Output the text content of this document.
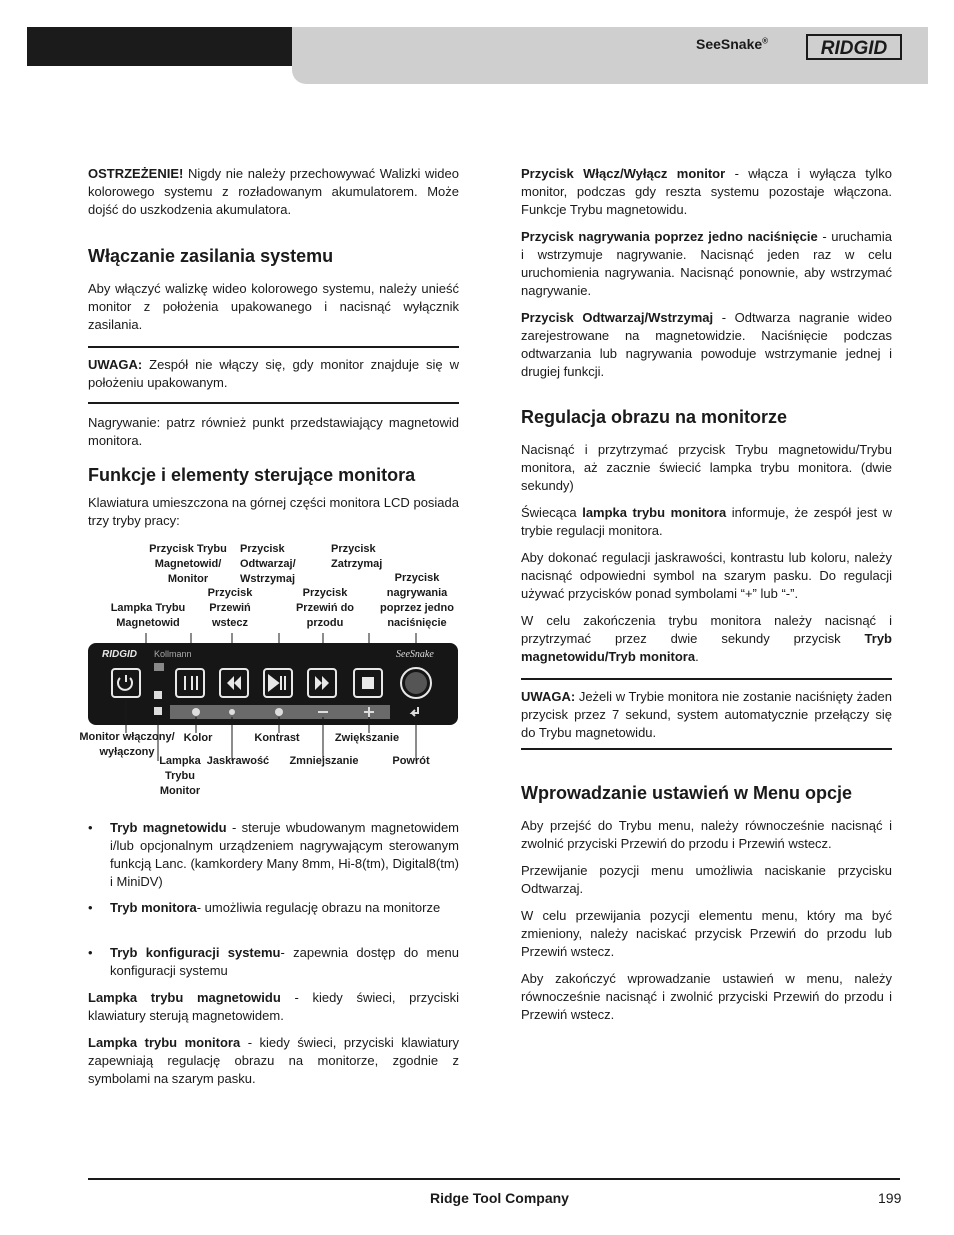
SeeSnake®	RIDGID
OSTRZEŻENIE! Nigdy nie należy przechowywać Walizki wideo kolorowego systemu z rozładowanym akumulatorem. Może dojść do uszkodzenia akumulatora.
Włączanie zasilania systemu
Aby włączyć walizkę wideo kolorowego systemu, należy unieść monitor z położenia upakowanego i nacisnąć wyłącznik zasilania.
UWAGA: Zespół nie włączy się, gdy monitor znajduje się w położeniu upakowanym.
Nagrywanie: patrz również punkt przedstawiający magnetowid monitora.
Funkcje i elementy sterujące monitora
Klawiatura umieszczona na górnej części monitora LCD posiada trzy tryby pracy:
Przycisk Trybu
Magnetowid/
Monitor
Przycisk
Odtwarzaj/
Wstrzymaj
Przycisk
Zatrzymaj
Przycisk
nagrywania
poprzez jedno
naciśnięcie
Przycisk
Przewiń
wstecz
Przycisk
Przewiń do
przodu
Lampka Trybu
Magnetowid
RIDGID Kollmann	SeeSnake
Monitor włączony/
wyłączony
Kolor	Kontrast	Zwiększanie
Lampka
Trybu
Monitor
Jaskrawość	Zmniejszanie	Powrót
• Tryb magnetowidu - steruje wbudowanym magnetowidem i/lub opcjonalnym urządzeniem nagrywającym sterowanym funkcją Lanc. (kamkordery Many 8mm, Hi-8(tm), Digital8(tm) i MiniDV)
• Tryb monitora- umożliwia regulację obrazu na monitorze
• Tryb konfiguracji systemu- zapewnia dostęp do menu konfiguracji systemu
Lampka trybu magnetowidu - kiedy świeci, przyciski klawiatury sterują magnetowidem.
Lampka trybu monitora - kiedy świeci, przyciski klawiatury zapewniają regulację obrazu na monitorze, zgodnie z symbolami na szarym pasku.
Przycisk Włącz/Wyłącz monitor - włącza i wyłącza tylko monitor, podczas gdy reszta systemu pozostaje włączona. Funkcje Trybu magnetowidu.
Przycisk nagrywania poprzez jedno naciśnięcie - uruchamia i wstrzymuje nagrywanie. Nacisnąć jeden raz w celu uruchomienia nagrywania. Nacisnąć ponownie, aby wstrzymać nagrywanie.
Przycisk Odtwarzaj/Wstrzymaj - Odtwarza nagranie wideo zarejestrowane na magnetowidzie. Naciśnięcie podczas odtwarzania lub nagrywania powoduje wstrzymanie jednej i drugiej funkcji.
Regulacja obrazu na monitorze
Nacisnąć i przytrzymać przycisk Trybu magnetowidu/Trybu monitora, aż zacznie świecić lampka trybu monitora. (dwie sekundy)
Świecąca lampka trybu monitora informuje, że zespół jest w trybie regulacji monitora.
Aby dokonać regulacji jaskrawości, kontrastu lub koloru, należy nacisnąć odpowiedni symbol na szarym pasku. Do regulacji używać przycisków ponad symbolami “+” lub “-”.
W celu zakończenia trybu monitora należy nacisnąć i przytrzymać przez dwie sekundy przycisk Tryb magnetowidu/Tryb monitora.
UWAGA: Jeżeli w Trybie monitora nie zostanie naciśnięty żaden przycisk przez 7 sekund, system automatycznie przełączy się do Trybu magnetowidu.
Wprowadzanie ustawień w Menu opcje
Aby przejść do Trybu menu, należy równocześnie nacisnąć i zwolnić przyciski Przewiń do przodu i Przewiń wstecz.
Przewijanie pozycji menu umożliwia naciskanie przycisku Odtwarzaj.
W celu przewijania pozycji elementu menu, który ma być zmieniony, należy naciskać przycisk Przewiń do przodu lub Przewiń wstecz.
Aby zakończyć wprowadzanie ustawień w menu, należy równocześnie nacisnąć i zwolnić przyciski Przewiń do przodu i Przewiń wstecz.
Ridge Tool Company	199
